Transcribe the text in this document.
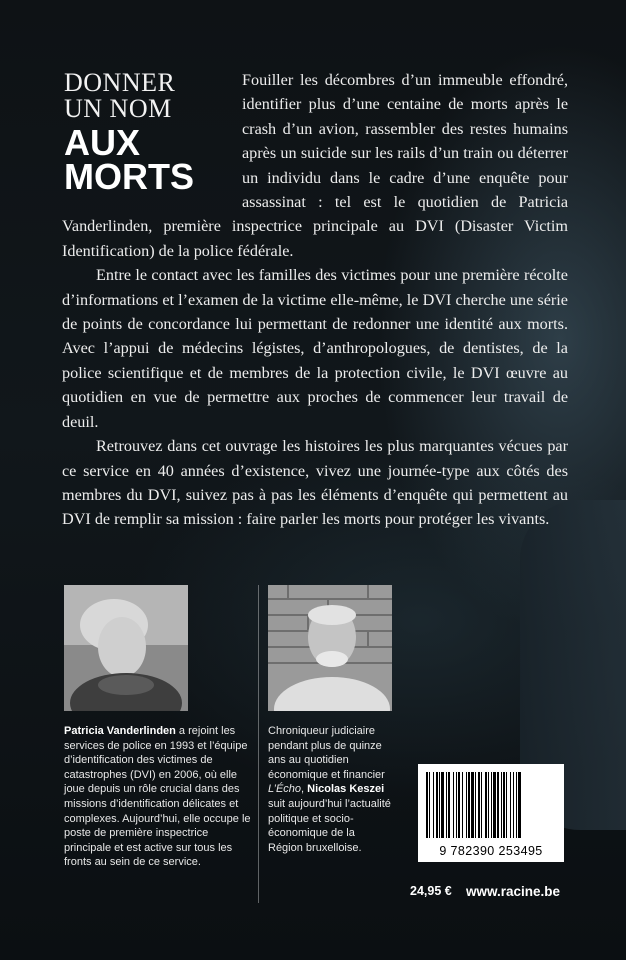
DONNER
UN NOM
AUX
MORTS

Fouiller les décombres d’un immeuble effondré, identifier plus d’une centaine de morts après le crash d’un avion, rassembler des restes humains après un suicide sur les rails d’un train ou déterrer un individu dans le cadre d’une enquête pour assassinat : tel est le quotidien de Patricia Vanderlinden, première inspectrice principale au DVI (Disaster Victim Identification) de la police fédérale.

Entre le contact avec les familles des victimes pour une première récolte d’informations et l’examen de la victime elle-même, le DVI cherche une série de points de concordance lui permettant de redonner une identité aux morts. Avec l’appui de médecins légistes, d’anthropologues, de dentistes, de la police scientifique et de membres de la protection civile, le DVI œuvre au quotidien en vue de permettre aux proches de commencer leur travail de deuil.

Retrouvez dans cet ouvrage les histoires les plus marquantes vécues par ce service en 40 années d’existence, vivez une journée-type aux côtés des membres du DVI, suivez pas à pas les éléments d’enquête qui permettent au DVI de remplir sa mission : faire parler les morts pour protéger les vivants.

Patricia Vanderlinden a rejoint les services de police en 1993 et l’équipe d’identification des victimes de catastrophes (DVI) en 2006, où elle joue depuis un rôle crucial dans des missions d’identification délicates et complexes. Aujourd’hui, elle occupe le poste de première inspectrice principale et est active sur tous les fronts au sein de ce service.
Chroniqueur judiciaire pendant plus de quinze ans au quotidien économique et financier L’Écho, Nicolas Keszei suit aujourd’hui l’actualité politique et socio-économique de la Région bruxelloise.	9 782390 253495
24,95 € www.racine.be
